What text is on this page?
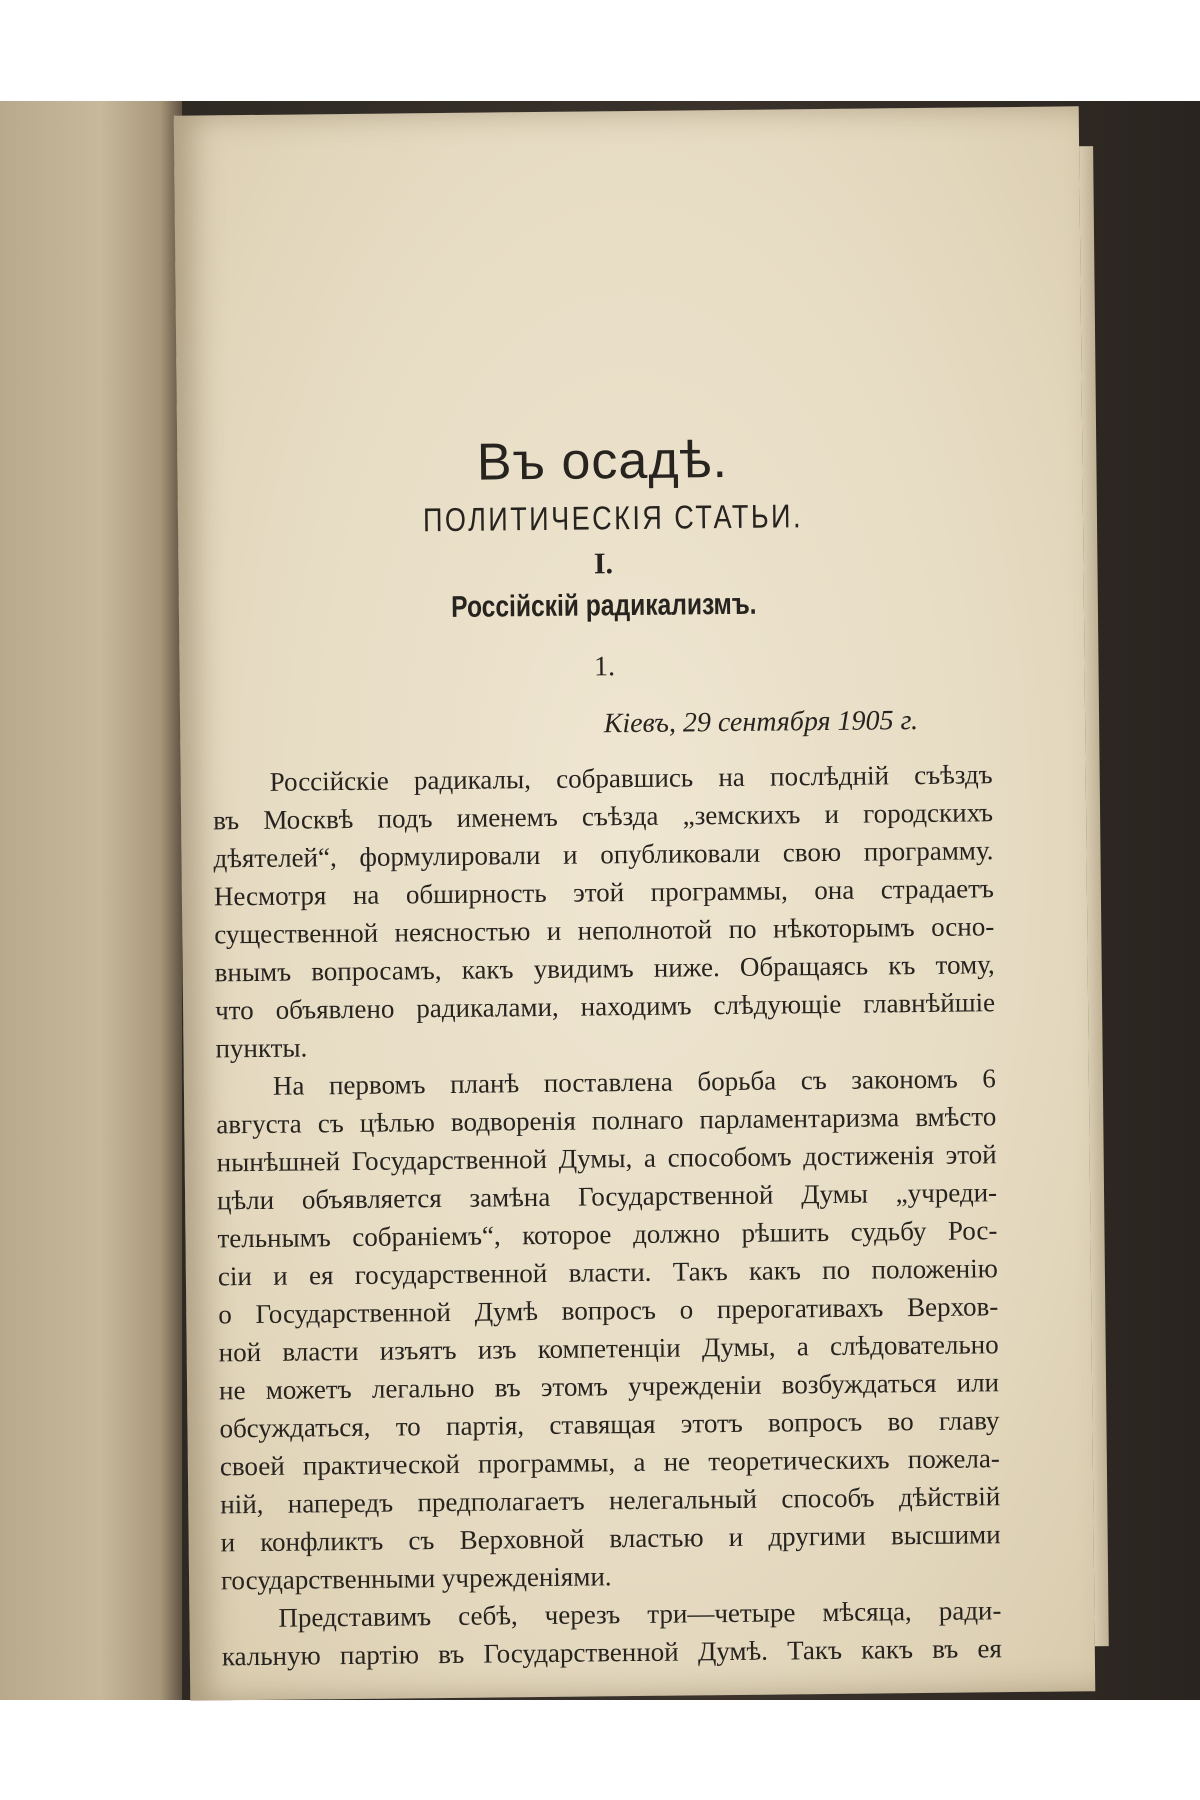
Въ осадѣ.
ПОЛИТИЧЕСКІЯ СТАТЬИ.
I.
Россійскій радикализмъ.
1.
Кіевъ, 29 сентября 1905 г.
Россійскіе радикалы, собравшись на послѣдній съѣздъ
въ Москвѣ подъ именемъ съѣзда „земскихъ и городскихъ
дѣятелей“, формулировали и опубликовали свою программу.
Несмотря на обширность этой программы, она страдаетъ
существенной неясностью и неполнотой по нѣкоторымъ осно-
внымъ вопросамъ, какъ увидимъ ниже. Обращаясь къ тому,
что объявлено радикалами, находимъ слѣдующіе главнѣйшіе
пункты.
На первомъ планѣ поставлена борьба съ закономъ 6
августа съ цѣлью водворенія полнаго парламентаризма вмѣсто
нынѣшней Государственной Думы, а способомъ достиженія этой
цѣли объявляется замѣна Государственной Думы „учреди-
тельнымъ собраніемъ“, которое должно рѣшить судьбу Рос-
сіи и ея государственной власти. Такъ какъ по положенію
о Государственной Думѣ вопросъ о прерогативахъ Верхов-
ной власти изъятъ изъ компетенціи Думы, а слѣдовательно
не можетъ легально въ этомъ учрежденіи возбуждаться или
обсуждаться, то партія, ставящая этотъ вопросъ во главу
своей практической программы, а не теоретическихъ пожела-
ній, напередъ предполагаетъ нелегальный способъ дѣйствій
и конфликтъ съ Верховной властью и другими высшими
государственными учрежденіями.
Представимъ себѣ, черезъ три—четыре мѣсяца, ради-
кальную партію въ Государственной Думѣ. Такъ какъ въ ея
